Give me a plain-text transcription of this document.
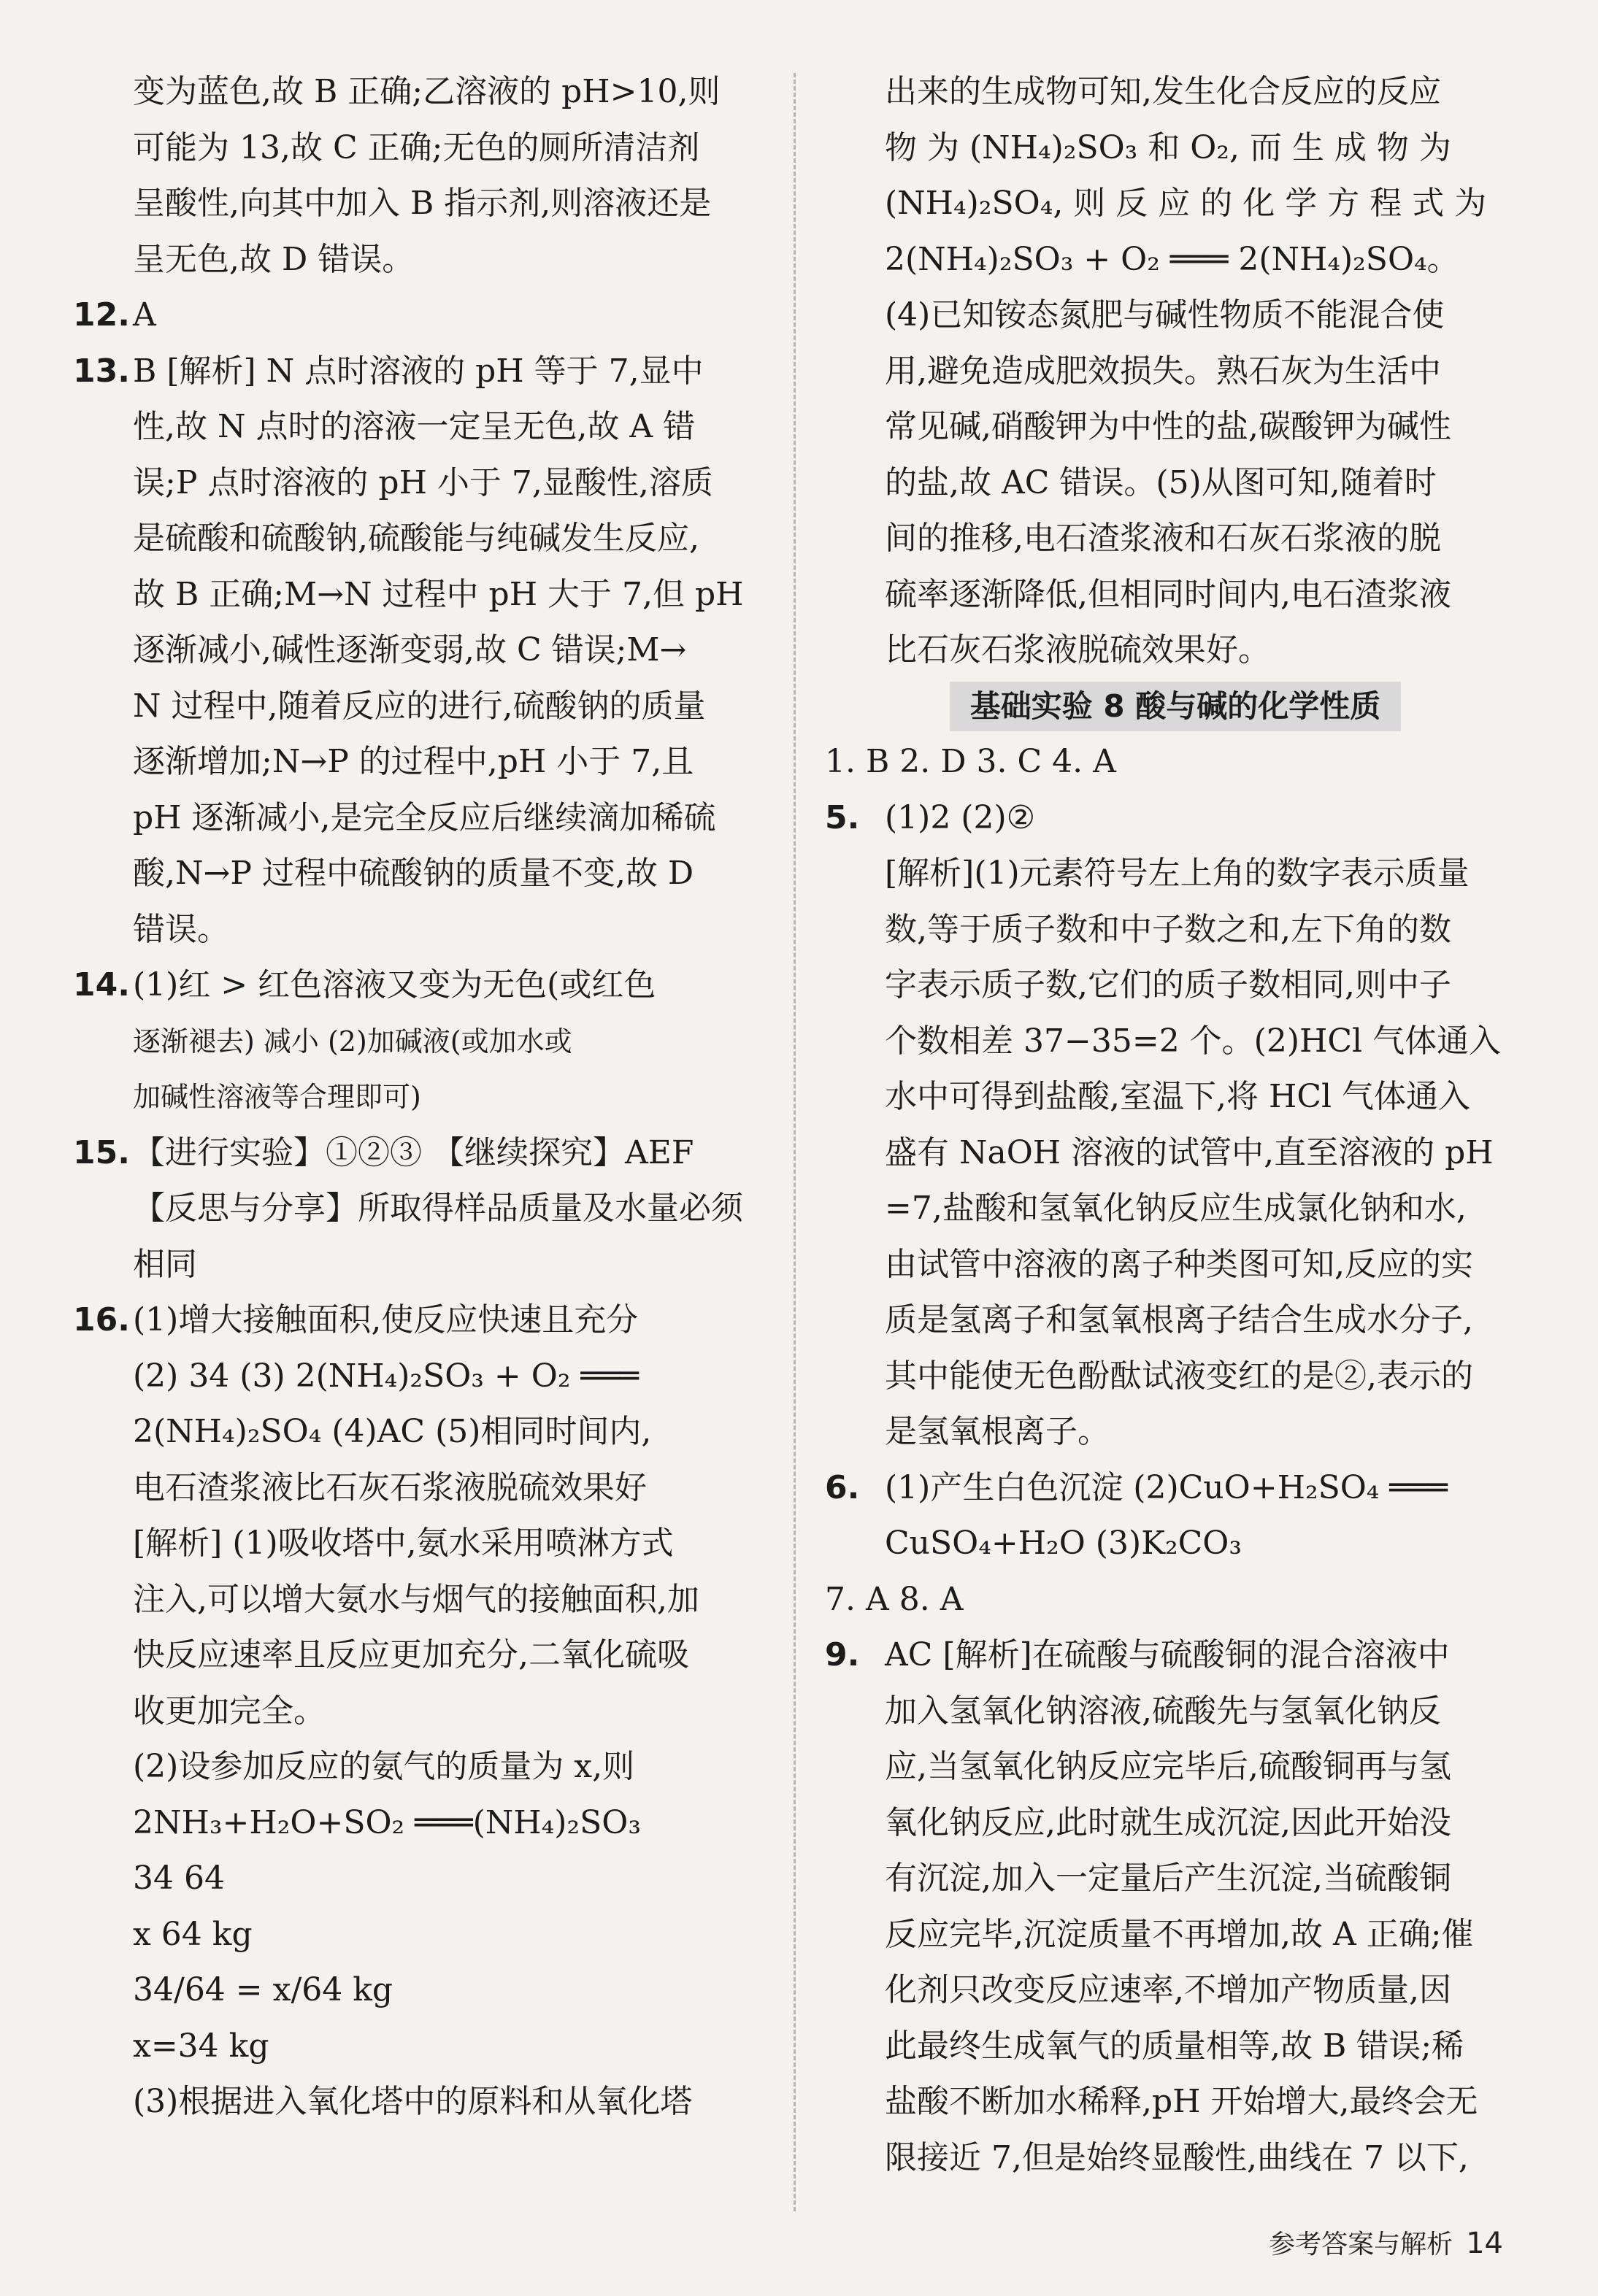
变为蓝色,故 B 正确;乙溶液的 pH>10,则
可能为 13,故 C 正确;无色的厕所清洁剂
呈酸性,向其中加入 B 指示剂,则溶液还是
呈无色,故 D 错误。
12.A
13.B [解析] N 点时溶液的 pH 等于 7,显中
性,故 N 点时的溶液一定呈无色,故 A 错
误;P 点时溶液的 pH 小于 7,显酸性,溶质
是硫酸和硫酸钠,硫酸能与纯碱发生反应,
故 B 正确;M→N 过程中 pH 大于 7,但 pH
逐渐减小,碱性逐渐变弱,故 C 错误;M→
N 过程中,随着反应的进行,硫酸钠的质量
逐渐增加;N→P 的过程中,pH 小于 7,且
pH 逐渐减小,是完全反应后继续滴加稀硫
酸,N→P 过程中硫酸钠的质量不变,故 D
错误。
14.(1)红 > 红色溶液又变为无色(或红色
逐渐褪去) 减小 (2)加碱液(或加水或
加碱性溶液等合理即可)
15.【进行实验】①②③ 【继续探究】AEF
【反思与分享】所取得样品质量及水量必须
相同
16.(1)增大接触面积,使反应快速且充分
(2) 34 (3) 2(NH₄)₂SO₃ + O₂ ═══
2(NH₄)₂SO₄ (4)AC (5)相同时间内,
电石渣浆液比石灰石浆液脱硫效果好
[解析] (1)吸收塔中,氨水采用喷淋方式
注入,可以增大氨水与烟气的接触面积,加
快反应速率且反应更加充分,二氧化硫吸
收更加完全。
(2)设参加反应的氨气的质量为 x,则
2NH₃+H₂O+SO₂ ═══(NH₄)₂SO₃
34 64
x 64 kg
34/64 = x/64 kg
x=34 kg
(3)根据进入氧化塔中的原料和从氧化塔
出来的生成物可知,发生化合反应的反应
物 为 (NH₄)₂SO₃ 和 O₂, 而 生 成 物 为
(NH₄)₂SO₄, 则 反 应 的 化 学 方 程 式 为
2(NH₄)₂SO₃ + O₂ ═══ 2(NH₄)₂SO₄。
(4)已知铵态氮肥与碱性物质不能混合使
用,避免造成肥效损失。熟石灰为生活中
常见碱,硝酸钾为中性的盐,碳酸钾为碱性
的盐,故 AC 错误。(5)从图可知,随着时
间的推移,电石渣浆液和石灰石浆液的脱
硫率逐渐降低,但相同时间内,电石渣浆液
比石灰石浆液脱硫效果好。
基础实验 8 酸与碱的化学性质
1. B 2. D 3. C 4. A
5. (1)2 (2)②
[解析](1)元素符号左上角的数字表示质量
数,等于质子数和中子数之和,左下角的数
字表示质子数,它们的质子数相同,则中子
个数相差 37−35=2 个。(2)HCl 气体通入
水中可得到盐酸,室温下,将 HCl 气体通入
盛有 NaOH 溶液的试管中,直至溶液的 pH
=7,盐酸和氢氧化钠反应生成氯化钠和水,
由试管中溶液的离子种类图可知,反应的实
质是氢离子和氢氧根离子结合生成水分子,
其中能使无色酚酞试液变红的是②,表示的
是氢氧根离子。
6. (1)产生白色沉淀 (2)CuO+H₂SO₄ ═══
CuSO₄+H₂O (3)K₂CO₃
7. A 8. A
9. AC [解析]在硫酸与硫酸铜的混合溶液中
加入氢氧化钠溶液,硫酸先与氢氧化钠反
应,当氢氧化钠反应完毕后,硫酸铜再与氢
氧化钠反应,此时就生成沉淀,因此开始没
有沉淀,加入一定量后产生沉淀,当硫酸铜
反应完毕,沉淀质量不再增加,故 A 正确;催
化剂只改变反应速率,不增加产物质量,因
此最终生成氧气的质量相等,故 B 错误;稀
盐酸不断加水稀释,pH 开始增大,最终会无
限接近 7,但是始终显酸性,曲线在 7 以下,
参考答案与解析 14
